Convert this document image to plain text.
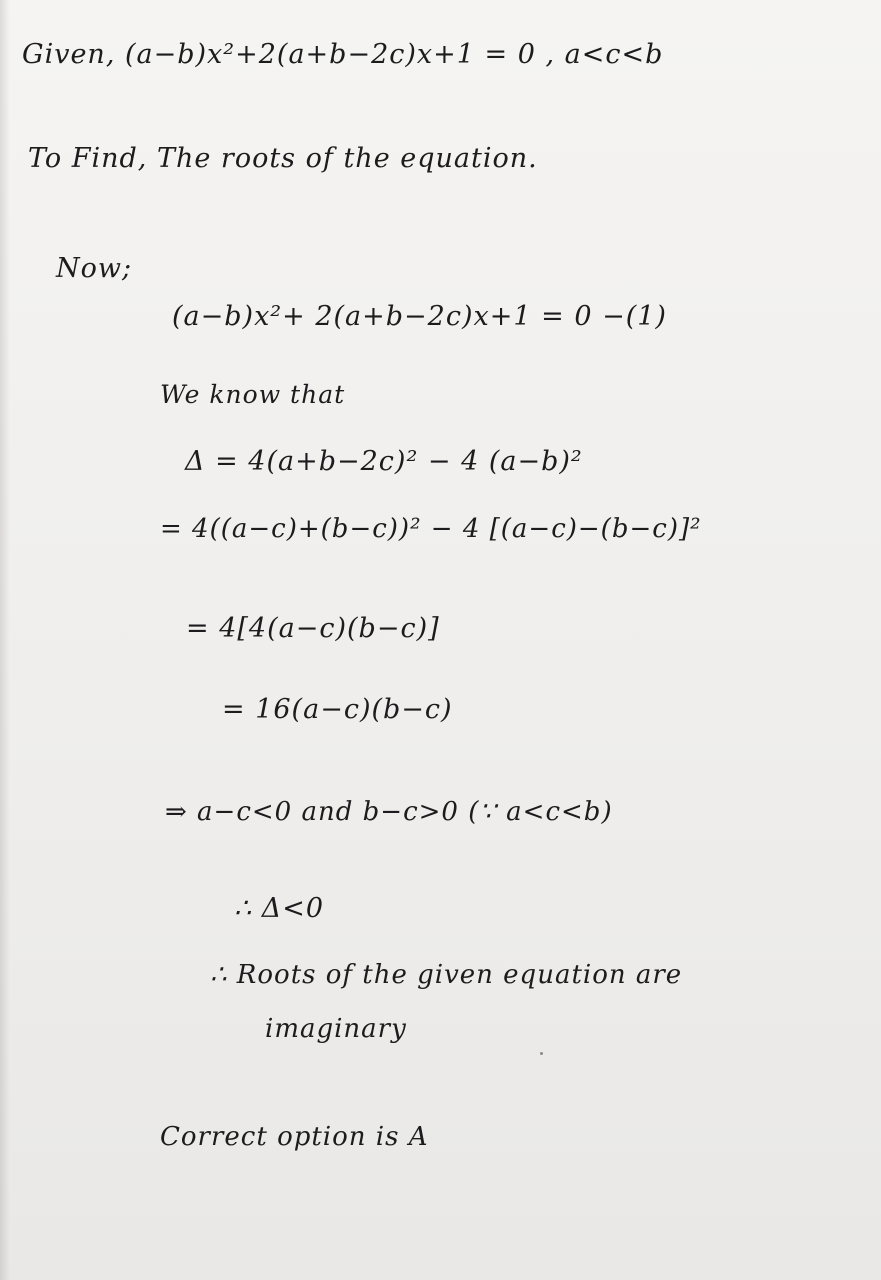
Given, (a−b)x²+2(a+b−2c)x+1 = 0 , a<c<b
To Find, The roots of the equation.
Now;
(a−b)x²+ 2(a+b−2c)x+1 = 0 −(1)
We know that
Δ = 4(a+b−2c)² − 4 (a−b)²
= 4((a−c)+(b−c))² − 4 [(a−c)−(b−c)]²
= 4[4(a−c)(b−c)]
= 16(a−c)(b−c)
⇒ a−c<0 and b−c>0 (∵ a<c<b)
∴ Δ<0
∴ Roots of the given equation are
imaginary
Correct option is A
